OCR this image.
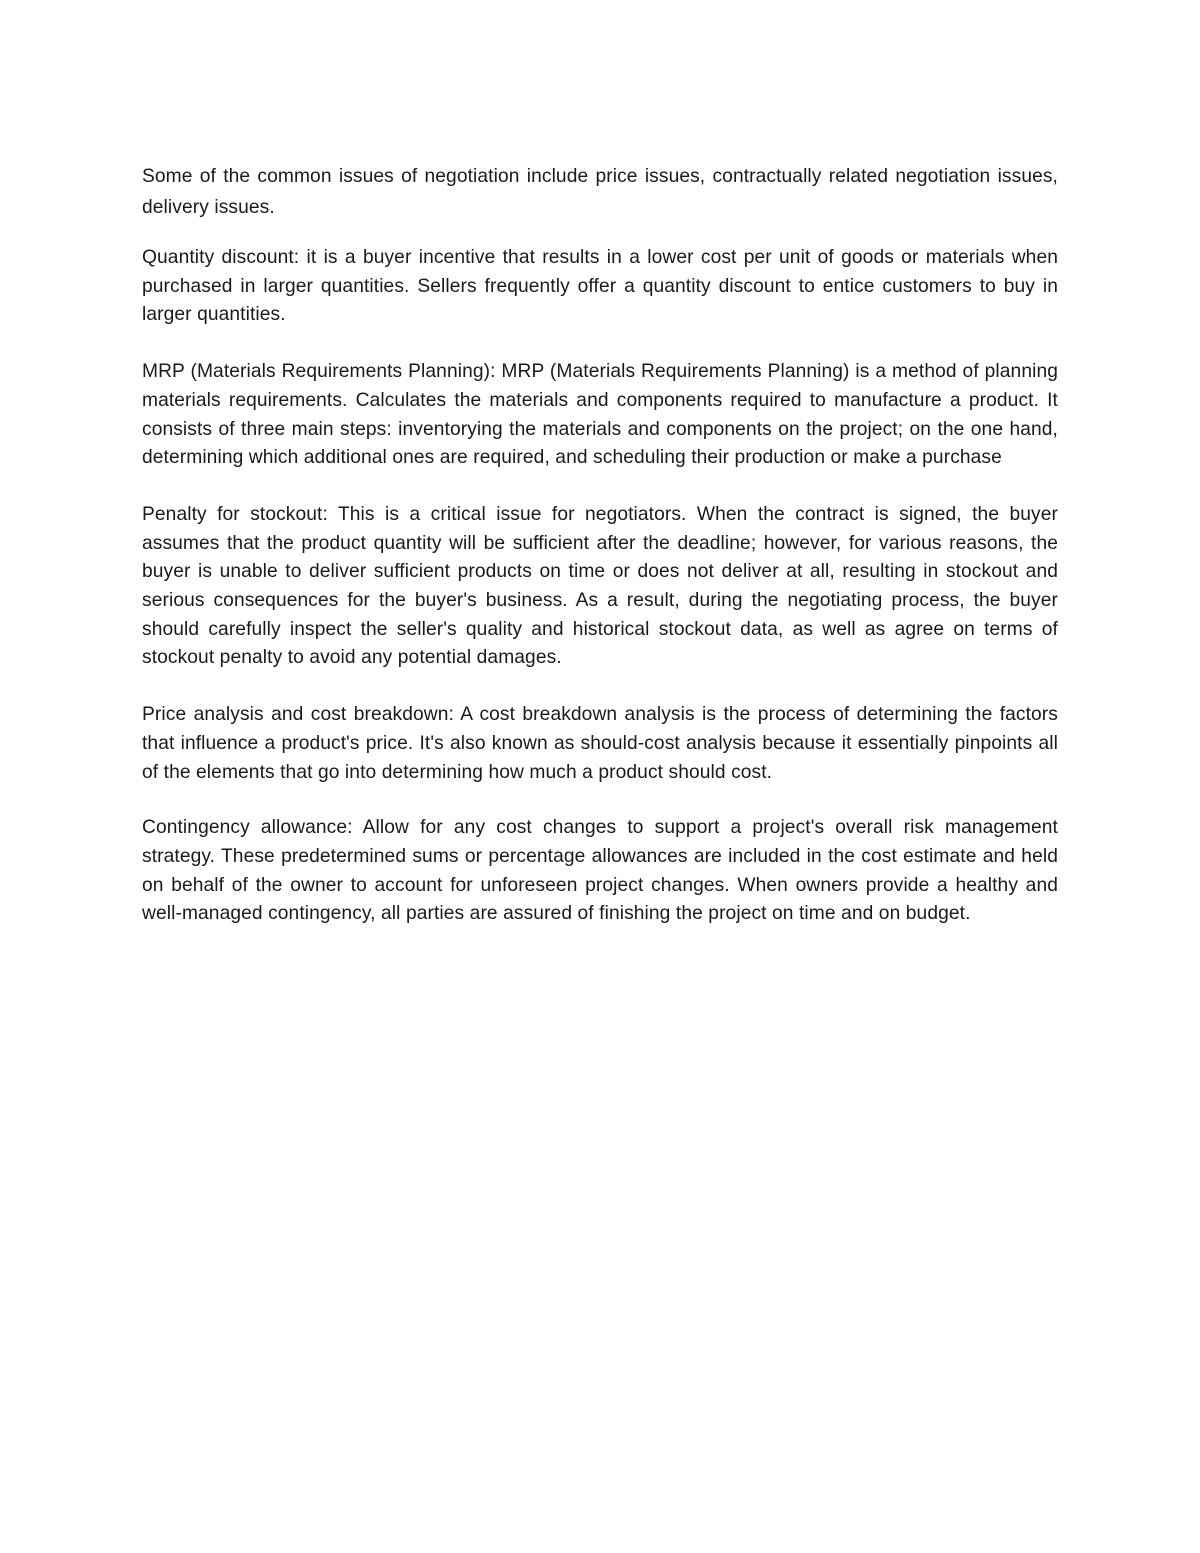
Some of the common issues of negotiation include price issues, contractually related negotiation issues, delivery issues.

Quantity discount: it is a buyer incentive that results in a lower cost per unit of goods or materials when purchased in larger quantities. Sellers frequently offer a quantity discount to entice customers to buy in larger quantities.

MRP (Materials Requirements Planning): MRP (Materials Requirements Planning) is a method of planning materials requirements. Calculates the materials and components required to manufacture a product. It consists of three main steps: inventorying the materials and components on the project; on the one hand, determining which additional ones are required, and scheduling their production or make a purchase

Penalty for stockout: This is a critical issue for negotiators. When the contract is signed, the buyer assumes that the product quantity will be sufficient after the deadline; however, for various reasons, the buyer is unable to deliver sufficient products on time or does not deliver at all, resulting in stockout and serious consequences for the buyer's business. As a result, during the negotiating process, the buyer should carefully inspect the seller's quality and historical stockout data, as well as agree on terms of stockout penalty to avoid any potential damages.

Price analysis and cost breakdown: A cost breakdown analysis is the process of determining the factors that influence a product's price. It's also known as should-cost analysis because it essentially pinpoints all of the elements that go into determining how much a product should cost.

Contingency allowance: Allow for any cost changes to support a project's overall risk management strategy. These predetermined sums or percentage allowances are included in the cost estimate and held on behalf of the owner to account for unforeseen project changes. When owners provide a healthy and well-managed contingency, all parties are assured of finishing the project on time and on budget.
